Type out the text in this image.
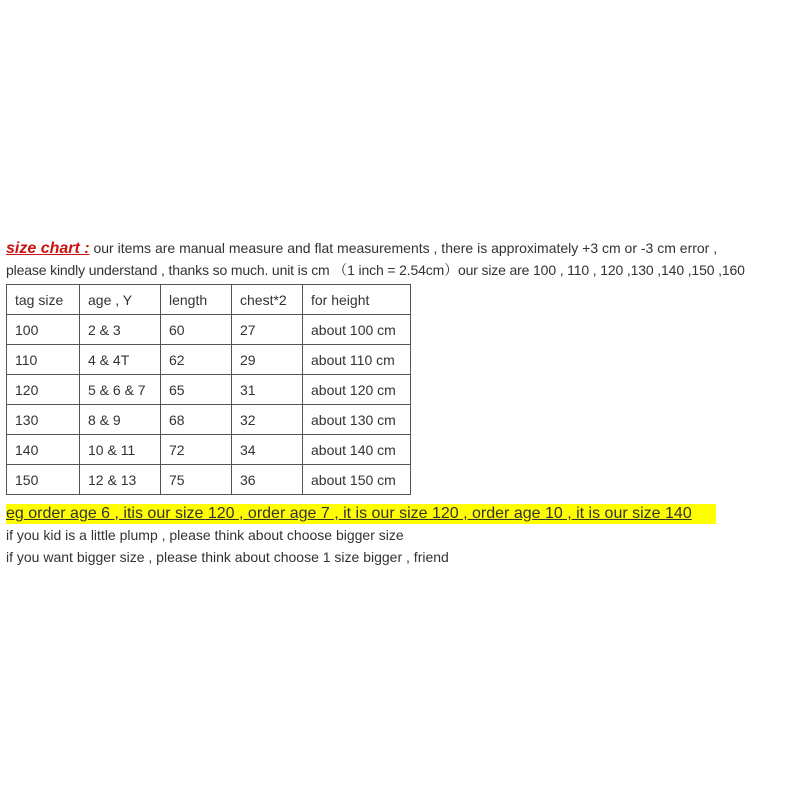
size chart : our items are manual measure and flat measurements , there is approximately +3 cm or -3 cm error ,
please kindly understand , thanks so much. unit is cm （1 inch = 2.54cm）our size are 100 , 110 , 120 ,130 ,140 ,150 ,160
tag size	age , Y	length	chest*2	for height
100	2 & 3	60	27	about 100 cm
110	4 & 4T	62	29	about 110 cm
120	5 & 6 & 7	65	31	about 120 cm
130	8 & 9	68	32	about 130 cm
140	10 & 11	72	34	about 140 cm
150	12 & 13	75	36	about 150 cm
eg order age 6 , itis our size 120 , order age 7 , it is our size 120 , order age 10 , it is our size 140
if you kid is a little plump , please think about choose bigger size
if you want bigger size , please think about choose 1 size bigger , friend
